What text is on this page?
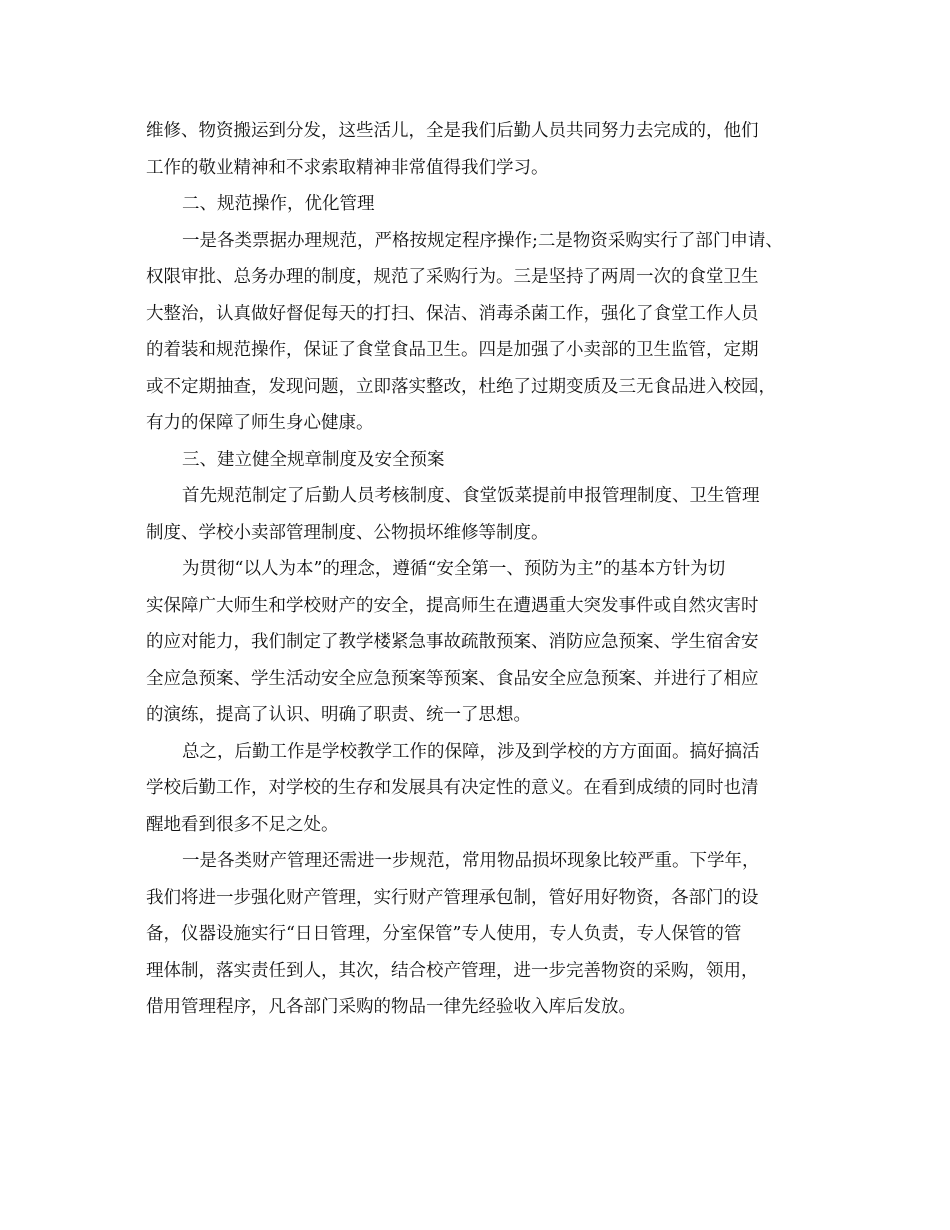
维修、物资搬运到分发，这些活儿，全是我们后勤人员共同努力去完成的，他们
工作的敬业精神和不求索取精神非常值得我们学习。
二、规范操作，优化管理
一是各类票据办理规范，严格按规定程序操作;二是物资采购实行了部门申请、
权限审批、总务办理的制度，规范了采购行为。三是坚持了两周一次的食堂卫生
大整治，认真做好督促每天的打扫、保洁、消毒杀菌工作，强化了食堂工作人员
的着装和规范操作，保证了食堂食品卫生。四是加强了小卖部的卫生监管，定期
或不定期抽查，发现问题，立即落实整改，杜绝了过期变质及三无食品进入校园，
有力的保障了师生身心健康。
三、建立健全规章制度及安全预案
首先规范制定了后勤人员考核制度、食堂饭菜提前申报管理制度、卫生管理
制度、学校小卖部管理制度、公物损坏维修等制度。
为贯彻“以人为本”的理念，遵循“安全第一、预防为主”的基本方针为切
实保障广大师生和学校财产的安全，提高师生在遭遇重大突发事件或自然灾害时
的应对能力，我们制定了教学楼紧急事故疏散预案、消防应急预案、学生宿舍安
全应急预案、学生活动安全应急预案等预案、食品安全应急预案、并进行了相应
的演练，提高了认识、明确了职责、统一了思想。
总之，后勤工作是学校教学工作的保障，涉及到学校的方方面面。搞好搞活
学校后勤工作，对学校的生存和发展具有决定性的意义。在看到成绩的同时也清
醒地看到很多不足之处。
一是各类财产管理还需进一步规范，常用物品损坏现象比较严重。下学年，
我们将进一步强化财产管理，实行财产管理承包制，管好用好物资，各部门的设
备，仪器设施实行“日日管理，分室保管”专人使用，专人负责，专人保管的管
理体制，落实责任到人，其次，结合校产管理，进一步完善物资的采购，领用，
借用管理程序，凡各部门采购的物品一律先经验收入库后发放。
